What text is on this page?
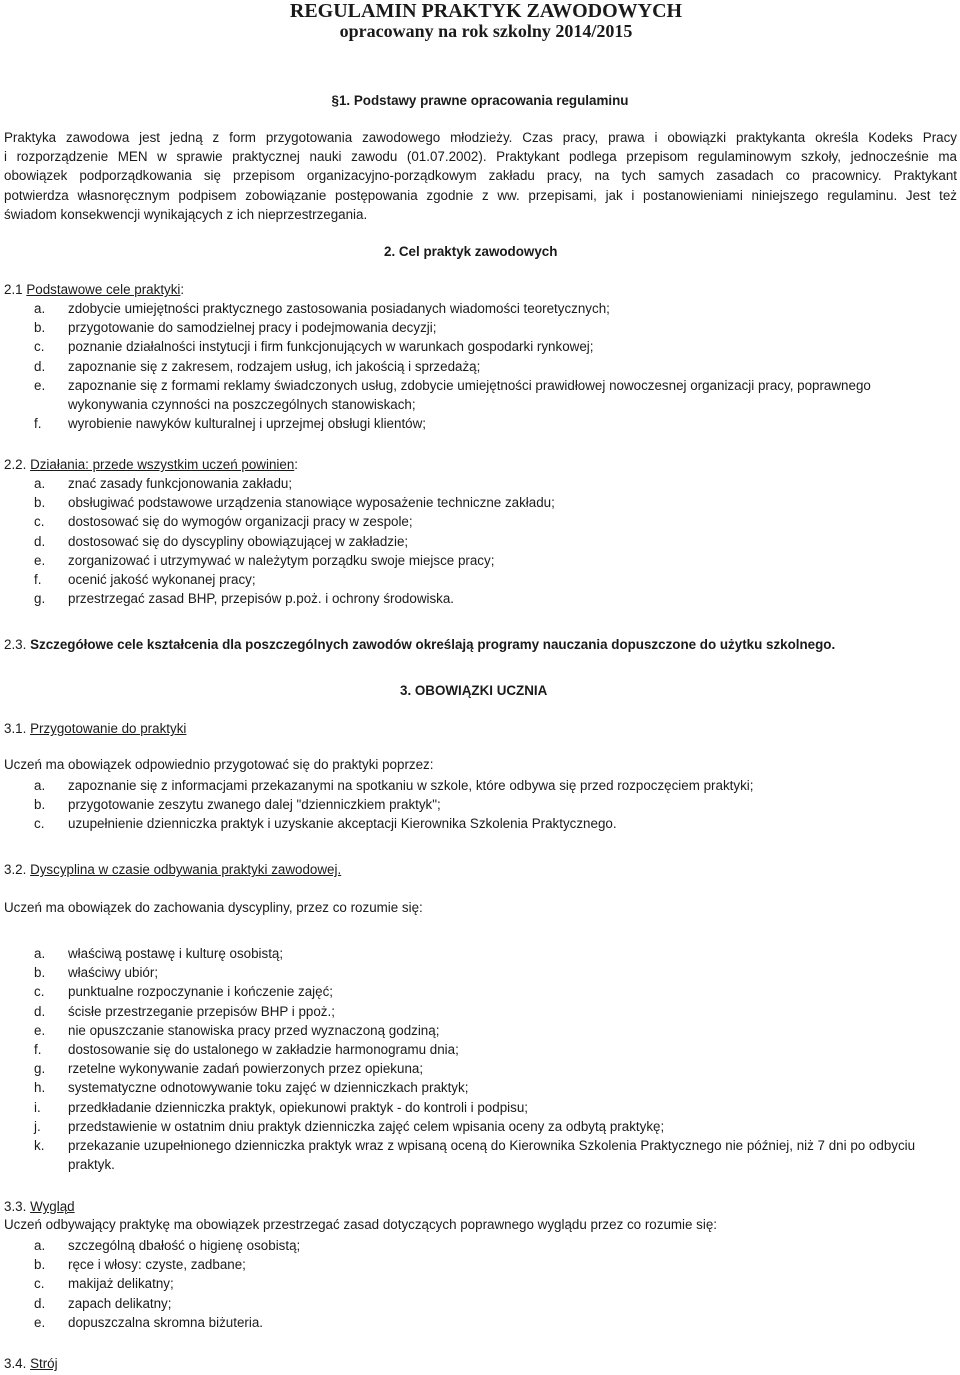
REGULAMIN PRAKTYK ZAWODOWYCH
opracowany na rok szkolny 2014/2015
§1. Podstawy prawne opracowania regulaminu
Praktyka zawodowa jest jedną z form przygotowania zawodowego młodzieży. Czas pracy, prawa i obowiązki praktykanta określa Kodeks Pracy
i rozporządzenie MEN w sprawie praktycznej nauki zawodu (01.07.2002). Praktykant podlega przepisom regulaminowym szkoły, jednocześnie ma
obowiązek podporządkowania się przepisom organizacyjno-porządkowym zakładu pracy, na tych samych zasadach co pracownicy. Praktykant
potwierdza własnoręcznym podpisem zobowiązanie postępowania zgodnie z ww. przepisami, jak i postanowieniami niniejszego regulaminu. Jest też
świadom konsekwencji wynikających z ich nieprzestrzegania.
2. Cel praktyk zawodowych
2.1 Podstawowe cele praktyki:
a. zdobycie umiejętności praktycznego zastosowania posiadanych wiadomości teoretycznych;
b. przygotowanie do samodzielnej pracy i podejmowania decyzji;
c. poznanie działalności instytucji i firm funkcjonujących w warunkach gospodarki rynkowej;
d. zapoznanie się z zakresem, rodzajem usług, ich jakością i sprzedażą;
e. zapoznanie się z formami reklamy świadczonych usług, zdobycie umiejętności prawidłowej nowoczesnej organizacji pracy, poprawnego wykonywania czynności na poszczególnych stanowiskach;
f. wyrobienie nawyków kulturalnej i uprzejmej obsługi klientów;
2.2. Działania: przede wszystkim uczeń powinien:
a. znać zasady funkcjonowania zakładu;
b. obsługiwać podstawowe urządzenia stanowiące wyposażenie techniczne zakładu;
c. dostosować się do wymogów organizacji pracy w zespole;
d. dostosować się do dyscypliny obowiązującej w zakładzie;
e. zorganizować i utrzymywać w należytym porządku swoje miejsce pracy;
f. ocenić jakość wykonanej pracy;
g. przestrzegać zasad BHP, przepisów p.poż. i ochrony środowiska.
2.3. Szczegółowe cele kształcenia dla poszczególnych zawodów określają programy nauczania dopuszczone do użytku szkolnego.
3. OBOWIĄZKI UCZNIA
3.1. Przygotowanie do praktyki
Uczeń ma obowiązek odpowiednio przygotować się do praktyki poprzez:
a. zapoznanie się z informacjami przekazanymi na spotkaniu w szkole, które odbywa się przed rozpoczęciem praktyki;
b. przygotowanie zeszytu zwanego dalej "dzienniczkiem praktyk";
c. uzupełnienie dzienniczka praktyk i uzyskanie akceptacji Kierownika Szkolenia Praktycznego.
3.2. Dyscyplina w czasie odbywania praktyki zawodowej.
Uczeń ma obowiązek do zachowania dyscypliny, przez co rozumie się:
a. właściwą postawę i kulturę osobistą;
b. właściwy ubiór;
c. punktualne rozpoczynanie i kończenie zajęć;
d. ścisłe przestrzeganie przepisów BHP i ppoż.;
e. nie opuszczanie stanowiska pracy przed wyznaczoną godziną;
f. dostosowanie się do ustalonego w zakładzie harmonogramu dnia;
g. rzetelne wykonywanie zadań powierzonych przez opiekuna;
h. systematyczne odnotowywanie toku zajęć w dzienniczkach praktyk;
i. przedkładanie dzienniczka praktyk, opiekunowi praktyk - do kontroli i podpisu;
j. przedstawienie w ostatnim dniu praktyk dzienniczka zajęć celem wpisania oceny za odbytą praktykę;
k. przekazanie uzupełnionego dzienniczka praktyk wraz z wpisaną oceną do Kierownika Szkolenia Praktycznego nie później, niż 7 dni po odbyciu praktyk.
3.3. Wygląd
Uczeń odbywający praktykę ma obowiązek przestrzegać zasad dotyczących poprawnego wyglądu przez co rozumie się:
a. szczególną dbałość o higienę osobistą;
b. ręce i włosy: czyste, zadbane;
c. makijaż delikatny;
d. zapach delikatny;
e. dopuszczalna skromna biżuteria.
3.4. Strój
